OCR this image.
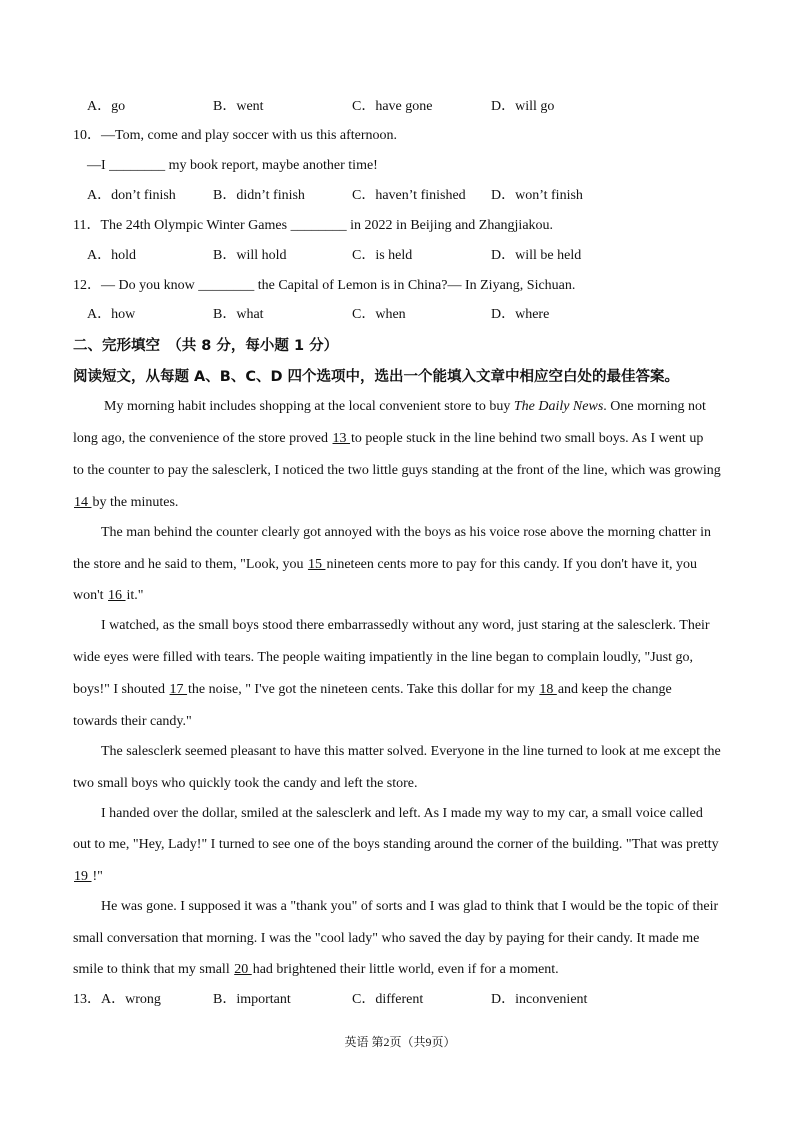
A．go	B．went	C．have gone	D．will go
10．—Tom, come and play soccer with us this afternoon.
—I ________ my book report, maybe another time!
A．don’t finish	B．didn’t finish	C．haven’t finished D．won’t finish
11．The 24th Olympic Winter Games ________ in 2022 in Beijing and Zhangjiakou.
A．hold	B．will hold	C．is held	D．will be held
12．— Do you know ________ the Capital of Lemon is in China?— In Ziyang, Sichuan.
A．how	B．what	C．when	D．where
二、完形填空　（共 8 分，每小题 1 分）
阅读短文，从每题 A、B、C、D 四个选项中，选出一个能填入文章中相应空白处的最佳答案。
My morning habit includes shopping at the local convenient store to buy The Daily News. One morning not
long ago, the convenience of the store proved 13 to people stuck in the line behind two small boys. As I went up
to the counter to pay the salesclerk, I noticed the two little guys standing at the front of the line, which was growing
14 by the minutes.
The man behind the counter clearly got annoyed with the boys as his voice rose above the morning chatter in
the store and he said to them, "Look, you 15 nineteen cents more to pay for this candy. If you don't have it, you
won't 16 it."
I watched, as the small boys stood there embarrassedly without any word, just staring at the salesclerk. Their
wide eyes were filled with tears. The people waiting impatiently in the line began to complain loudly, "Just go,
boys!" I shouted 17 the noise, " I've got the nineteen cents. Take this dollar for my 18 and keep the change
towards their candy."
The salesclerk seemed pleasant to have this matter solved. Everyone in the line turned to look at me except the
two small boys who quickly took the candy and left the store.
I handed over the dollar, smiled at the salesclerk and left. As I made my way to my car, a small voice called
out to me, "Hey, Lady!" I turned to see one of the boys standing around the corner of the building. "That was pretty
19 !"
He was gone. I supposed it was a "thank you" of sorts and I was glad to think that I would be the topic of their
small conversation that morning. I was the "cool lady" who saved the day by paying for their candy. It made me
smile to think that my small 20 had brightened their little world, even if for a moment.
13．A．wrong	B．important	C．different	D．inconvenient
英语 第2页（共9页）
